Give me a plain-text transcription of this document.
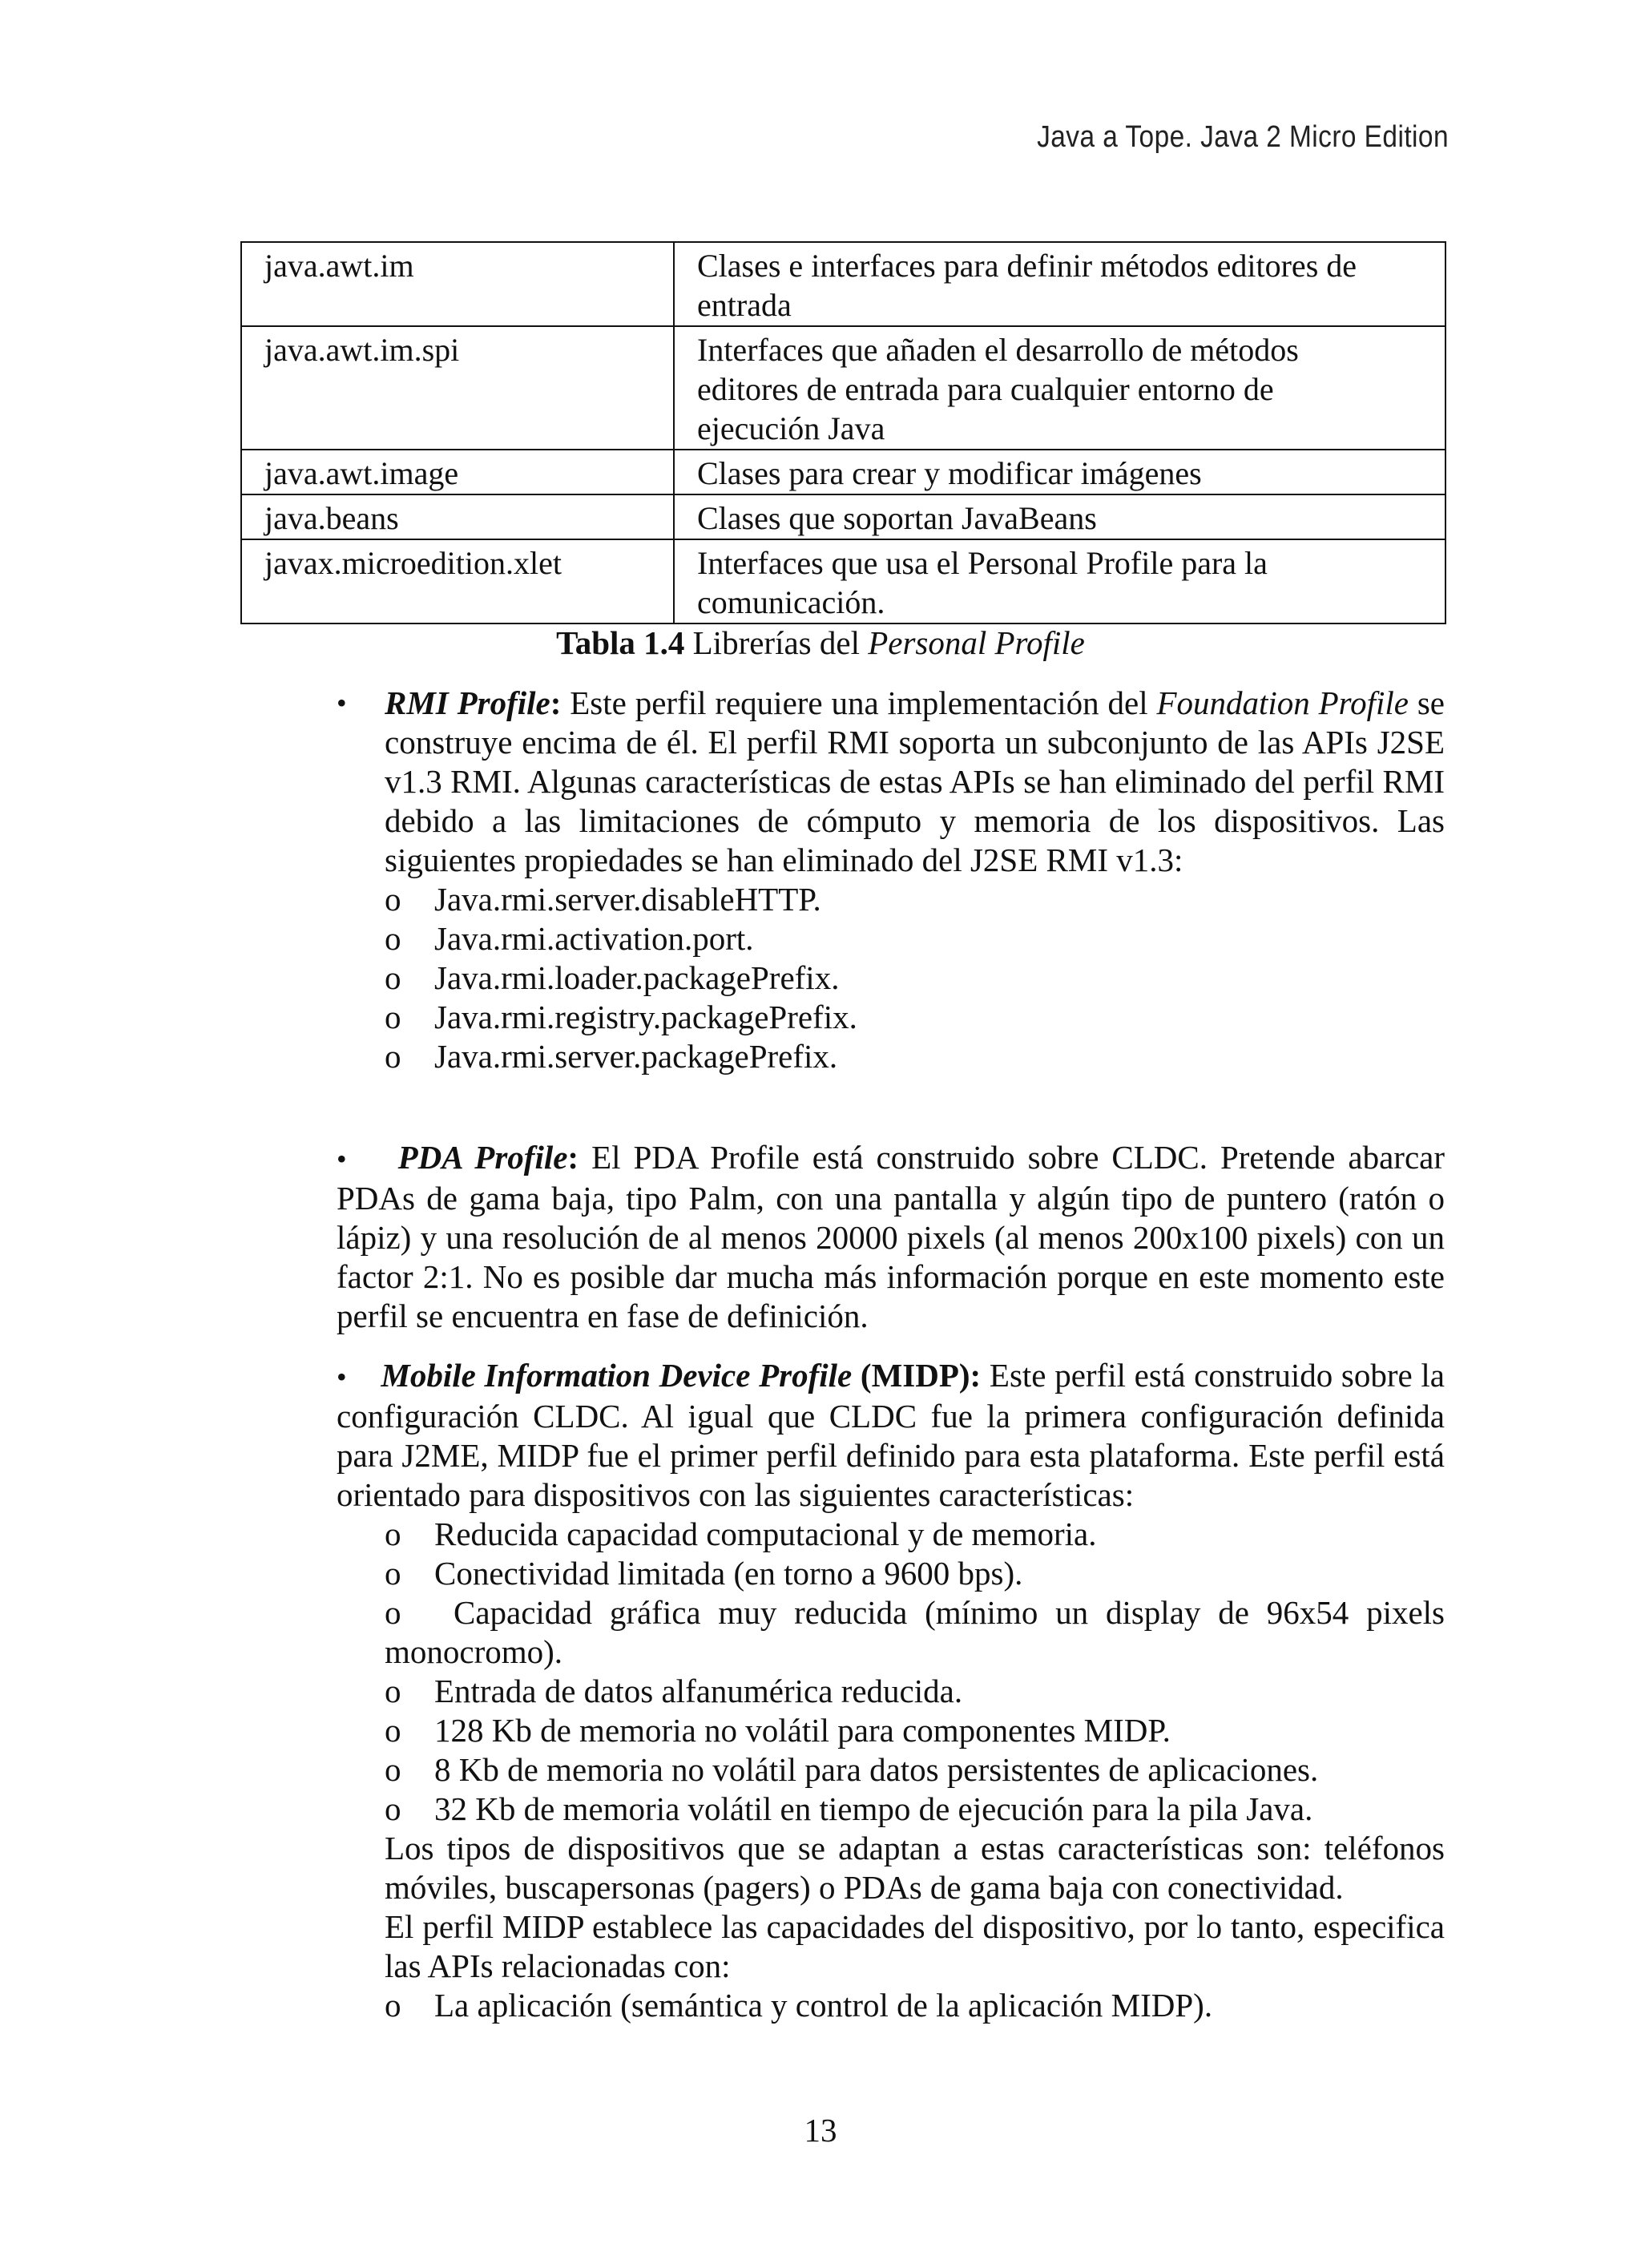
Java a Tope. Java 2 Micro Edition
java.awt.im	Clases e interfaces para definir métodos editores de entrada
java.awt.im.spi	Interfaces que añaden el desarrollo de métodos editores de entrada para cualquier entorno de ejecución Java
java.awt.image	Clases para crear y modificar imágenes
java.beans	Clases que soportan JavaBeans
javax.microedition.xlet	Interfaces que usa el Personal Profile para la comunicación.
Tabla 1.4 Librerías del Personal Profile
• RMI Profile: Este perfil requiere una implementación del Foundation Profile se construye encima de él. El perfil RMI soporta un subconjunto de las APIs J2SE v1.3 RMI. Algunas características de estas APIs se han eliminado del perfil RMI debido a las limitaciones de cómputo y memoria de los dispositivos. Las siguientes propiedades se han eliminado del J2SE RMI v1.3:

o Java.rmi.server.disableHTTP.
o Java.rmi.activation.port.
o Java.rmi.loader.packagePrefix.
o Java.rmi.registry.packagePrefix.
o Java.rmi.server.packagePrefix.

• PDA Profile: El PDA Profile está construido sobre CLDC. Pretende abarcar PDAs de gama baja, tipo Palm, con una pantalla y algún tipo de puntero (ratón o lápiz) y una resolución de al menos 20000 pixels (al menos 200x100 pixels) con un factor 2:1. No es posible dar mucha más información porque en este momento este perfil se encuentra en fase de definición.

• Mobile Information Device Profile (MIDP): Este perfil está construido sobre la configuración CLDC. Al igual que CLDC fue la primera configuración definida para J2ME, MIDP fue el primer perfil definido para esta plataforma. Este perfil está orientado para dispositivos con las siguientes características:

o Reducida capacidad computacional y de memoria.
o Conectividad limitada (en torno a 9600 bps).
o Capacidad gráfica muy reducida (mínimo un display de 96x54 pixels monocromo).
o Entrada de datos alfanumérica reducida.
o 128 Kb de memoria no volátil para componentes MIDP.
o 8 Kb de memoria no volátil para datos persistentes de aplicaciones.
o 32 Kb de memoria volátil en tiempo de ejecución para la pila Java.

Los tipos de dispositivos que se adaptan a estas características son: teléfonos móviles, buscapersonas (pagers) o PDAs de gama baja con conectividad.

El perfil MIDP establece las capacidades del dispositivo, por lo tanto, especifica las APIs relacionadas con:

o La aplicación (semántica y control de la aplicación MIDP).
13
